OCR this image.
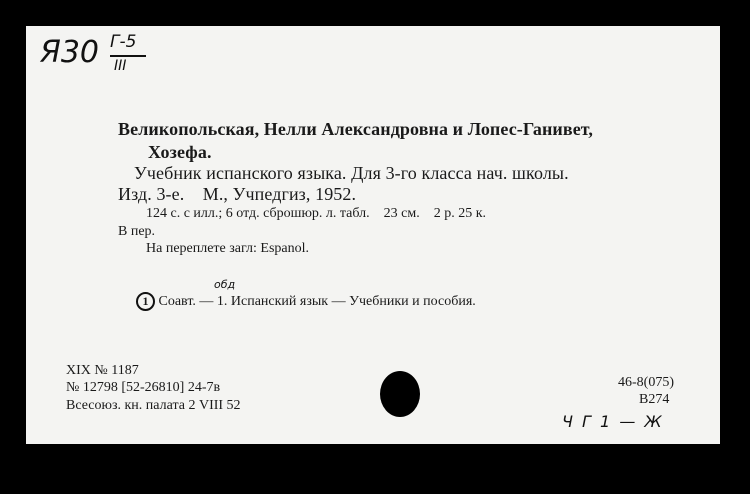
Я30 Г-5
III
Великопольская, Нелли Александровна и Лопес-Ганивет,
Хозефа.
Учебник испанского языка. Для 3-го класса нач. школы.
Изд. 3-е.    М., Учпедгиз, 1952.
124 с. с илл.; 6 отд. сброшюр. л. табл.    23 см.    2 р. 25 к.
В пер.
На переплете загл: Espanol.
1 Соавт. — 1. Испанский язык — Учебники и пособия.
обд
XIX № 1187
№ 12798 [52-26810] 24-7в
Всесоюз. кн. палата 2 VIII 52
46-8(075)
В274
Ч Г 1 — Ж
